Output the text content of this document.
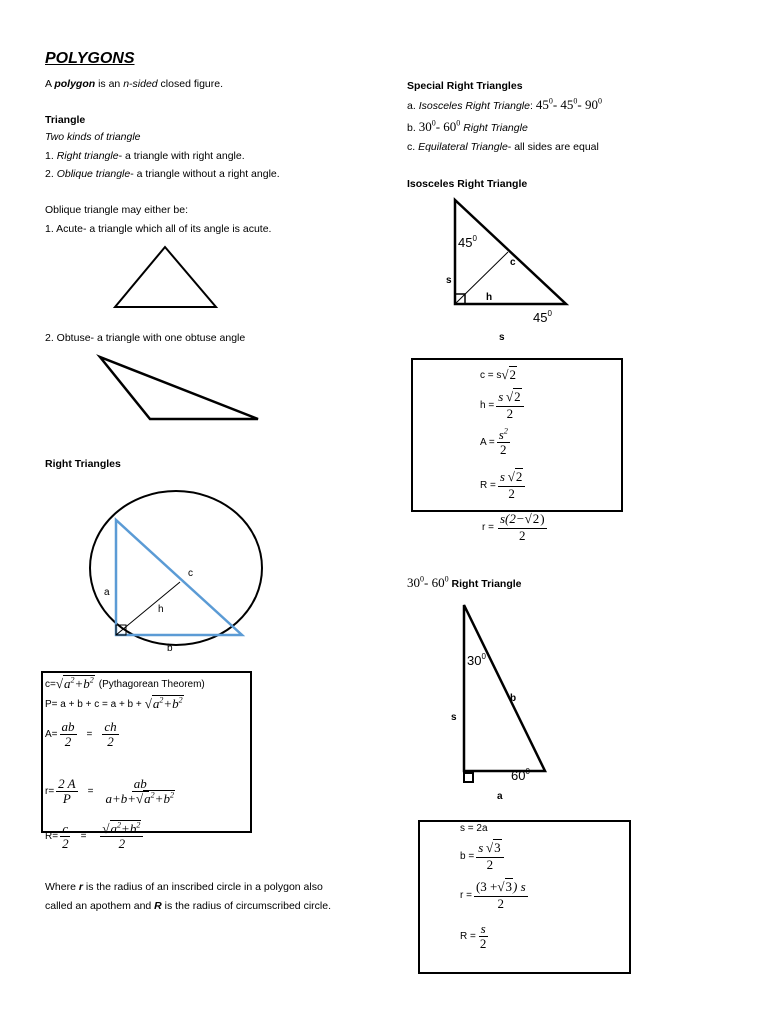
POLYGONS
A polygon is an n-sided closed figure.
Triangle
Two kinds of triangle
1. Right triangle- a triangle with right angle.
2. Oblique triangle- a triangle without a right angle.
Oblique triangle may either be:
1. Acute- a triangle which all of its angle is acute.
2. Obtuse- a triangle with one obtuse angle
Right Triangles
a
b
c
h
$c= √a^2+b^2$ (Pythagorean Theorem)
$P= a + b + c = a + b + √a^2+b^2$
$A= \frac{ab}{2} = \frac{ch}{2}$
$r= \frac{2 A}{P} = \frac{ab}{a+b+√a^2+b^2}$
$R= \frac{c}{2} = \frac{√a^2+b^2}{2}$
Where r is the radius of an inscribed circle in a polygon also
called an apothem and R is the radius of circumscribed circle.
Special Right Triangles
a. Isosceles Right Triangle: $45^0-$ $45^0-$ $90^0$
b. $30^0-$ $60^0$ Right Triangle
c. Equilateral Triangle- all sides are equal
Isosceles Right Triangle
$45^0$
$45^0$
s
s
c
h
c = s √2
$h = \frac{s √2}{2}$
$A = \frac{s^2}{2}$
$R = \frac{s √2}{2}$
$r = \frac{s(2-√2)}{2}$
$30^0-$ $60^0$ Right Triangle
$30^0$
$60^0$
s
b
a
s = 2a
$b = \frac{s √3}{2}$
$r = \frac{(3 +√3) s}{2}$
$R = \frac{s}{2}$
